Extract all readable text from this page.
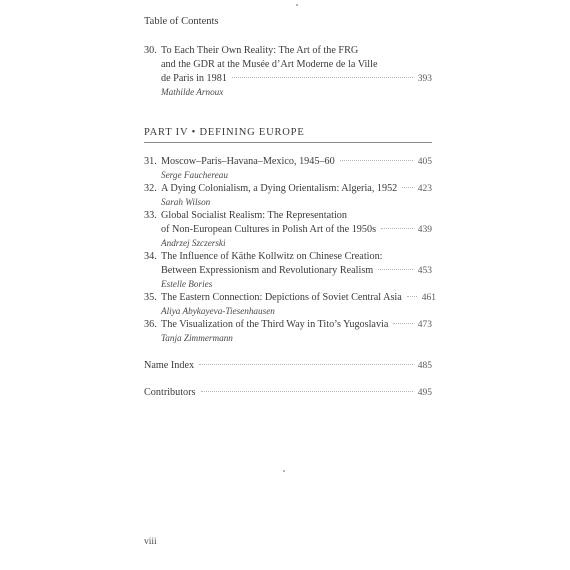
Table of Contents
30. To Each Their Own Reality: The Art of the FRG
and the GDR at the Musée d’Art Moderne de la Ville
de Paris in 1981	393
Mathilde Arnoux
PART IV • DEFINING EUROPE
31. Moscow–Paris–Havana–Mexico, 1945–60	405
Serge Fauchereau
32. A Dying Colonialism, a Dying Orientalism: Algeria, 1952 423
Sarah Wilson
33. Global Socialist Realism: The Representation
of Non-European Cultures in Polish Art of the 1950s	439
Andrzej Szczerski
34. The Influence of Käthe Kollwitz on Chinese Creation:
Between Expressionism and Revolutionary Realism	453
Estelle Bories
35. The Eastern Connection: Depictions of Soviet Central Asia 461
Aliya Abykayeva-Tiesenhausen
36. The Visualization of the Third Way in Tito’s Yugoslavia	473
Tanja Zimmermann
Name Index	485
Contributors	495
viii
